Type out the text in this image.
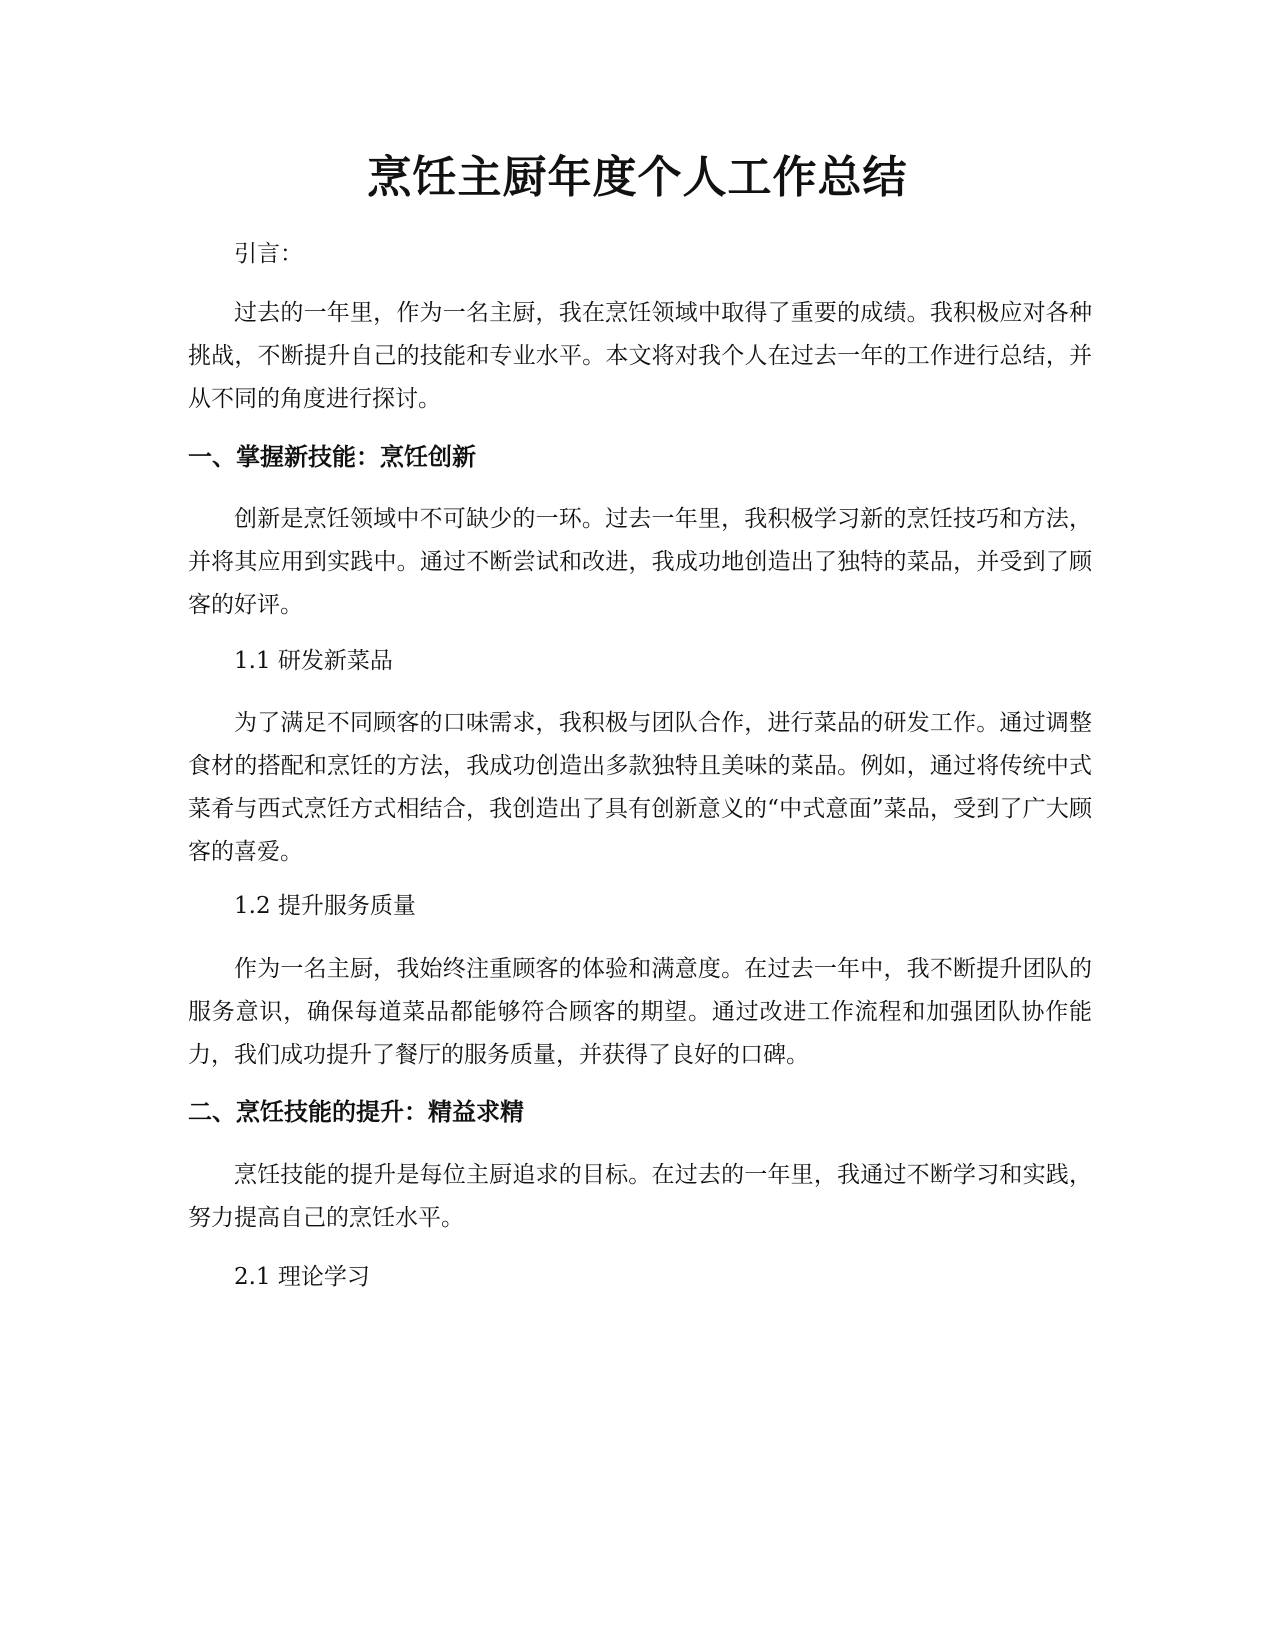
烹饪主厨年度个人工作总结

引言：

过去的一年里，作为一名主厨，我在烹饪领域中取得了重要的成绩。我积极应对各种挑战，不断提升自己的技能和专业水平。本文将对我个人在过去一年的工作进行总结，并从不同的角度进行探讨。

一、掌握新技能：烹饪创新

创新是烹饪领域中不可缺少的一环。过去一年里，我积极学习新的烹饪技巧和方法，并将其应用到实践中。通过不断尝试和改进，我成功地创造出了独特的菜品，并受到了顾客的好评。

1.1 研发新菜品

为了满足不同顾客的口味需求，我积极与团队合作，进行菜品的研发工作。通过调整食材的搭配和烹饪的方法，我成功创造出多款独特且美味的菜品。例如，通过将传统中式菜肴与西式烹饪方式相结合，我创造出了具有创新意义的“中式意面”菜品，受到了广大顾客的喜爱。

1.2 提升服务质量

作为一名主厨，我始终注重顾客的体验和满意度。在过去一年中，我不断提升团队的服务意识，确保每道菜品都能够符合顾客的期望。通过改进工作流程和加强团队协作能力，我们成功提升了餐厅的服务质量，并获得了良好的口碑。

二、烹饪技能的提升：精益求精

烹饪技能的提升是每位主厨追求的目标。在过去的一年里，我通过不断学习和实践，努力提高自己的烹饪水平。

2.1 理论学习
